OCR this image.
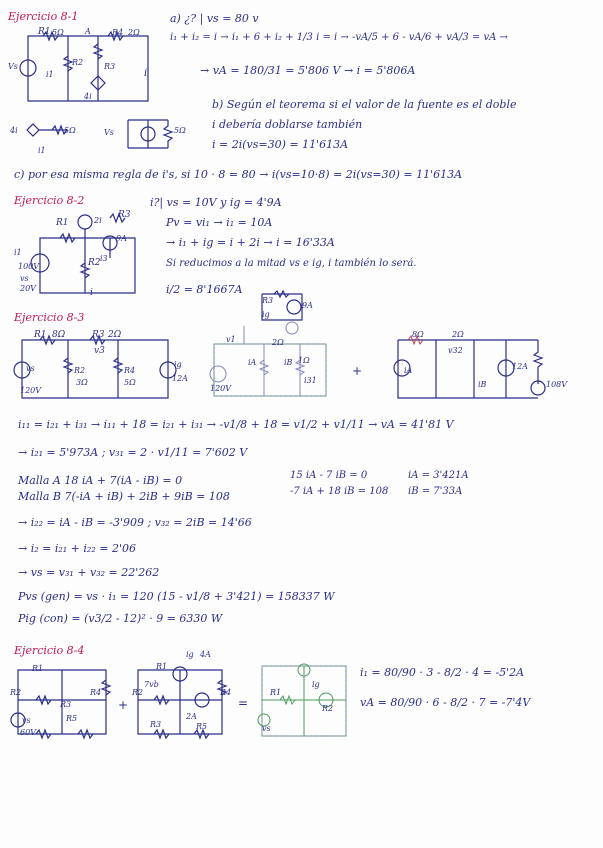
Ejercicio 8-1
R1 5Ω	A	R4 2Ω
Vs
i1
R2	R3
4i
i
4i	5Ω
i1
Vs	5Ω
a) ¿? | vs = 80 v
i₁ + i₂ = i → i₁ + 6 + i₂ + 1/3 i = i → -vA/5 + 6 - vA/6 + vA/3 = vA →
→ vA = 180/31 = 5'806 V → i = 5'806A
b) Según el teorema si el valor de la fuente es el doble
i debería doblarse también
i = 2i(vs=30) = 11'613A
c) por esa misma regla de i's, si 10 · 8 = 80 → i(vs=10·8) = 2i(vs=30) = 11'613A
Ejercicio 8-2
R1
R3
R2
2i
9A
i1
100V
vs
20V
i3
i
i?| vs = 10V y ig = 4'9A
Pv = vi₁ → i₁ = 10A
→ i₁ + ig = i + 2i → i = 16'33A
Si reducimos a la mitad vs e ig, i también lo será.
i/2 = 8'1667A
9A
R3
ig
Ejercicio 8-3
R1 8Ω	R3 2Ω
v3
R2
3Ω
R4
5Ω
vs
120V
ig
12A
v1	2Ω
1Ω
i31
iA	iB
120V
+
8Ω	2Ω
v32
iA
iB
12A
108V
i₁₁ = i₂₁ + i₃₁ → i₁₁ + 18 = i₂₁ + i₃₁ → -v1/8 + 18 = v1/2 + v1/11 → vA = 41'81 V
→ i₂₁ = 5'973A ; v₃₁ = 2 · v1/11 = 7'602 V
Malla A 18 iA + 7(iA - iB) = 0
Malla B 7(-iA + iB) + 2iB + 9iB = 108
15 iA - 7 iB = 0
-7 iA + 18 iB = 108
iA = 3'421A
iB = 7'33A
→ i₂₂ = iA - iB = -3'909 ; v₃₂ = 2iB = 14'66
→ i₂ = i₂₁ + i₂₂ = 2'06
→ vs = v₃₁ + v₃₂ = 22'262
Pvs (gen) = vs · i₁ = 120 (15 - v1/8 + 3'421) = 158337 W
Pig (con) = (v3/2 - 12)² · 9 = 6330 W
Ejercicio 8-4
R1
R2	R4
R3
R5
vs
60V
+
R1
ig 4A
R2
7vb
R4
2A
R3	R5
=
R1
R2
vs
ig
i₁ = 80/90 · 3 - 8/2 · 4 = -5'2A
vA = 80/90 · 6 - 8/2 · 7 = -7'4V
